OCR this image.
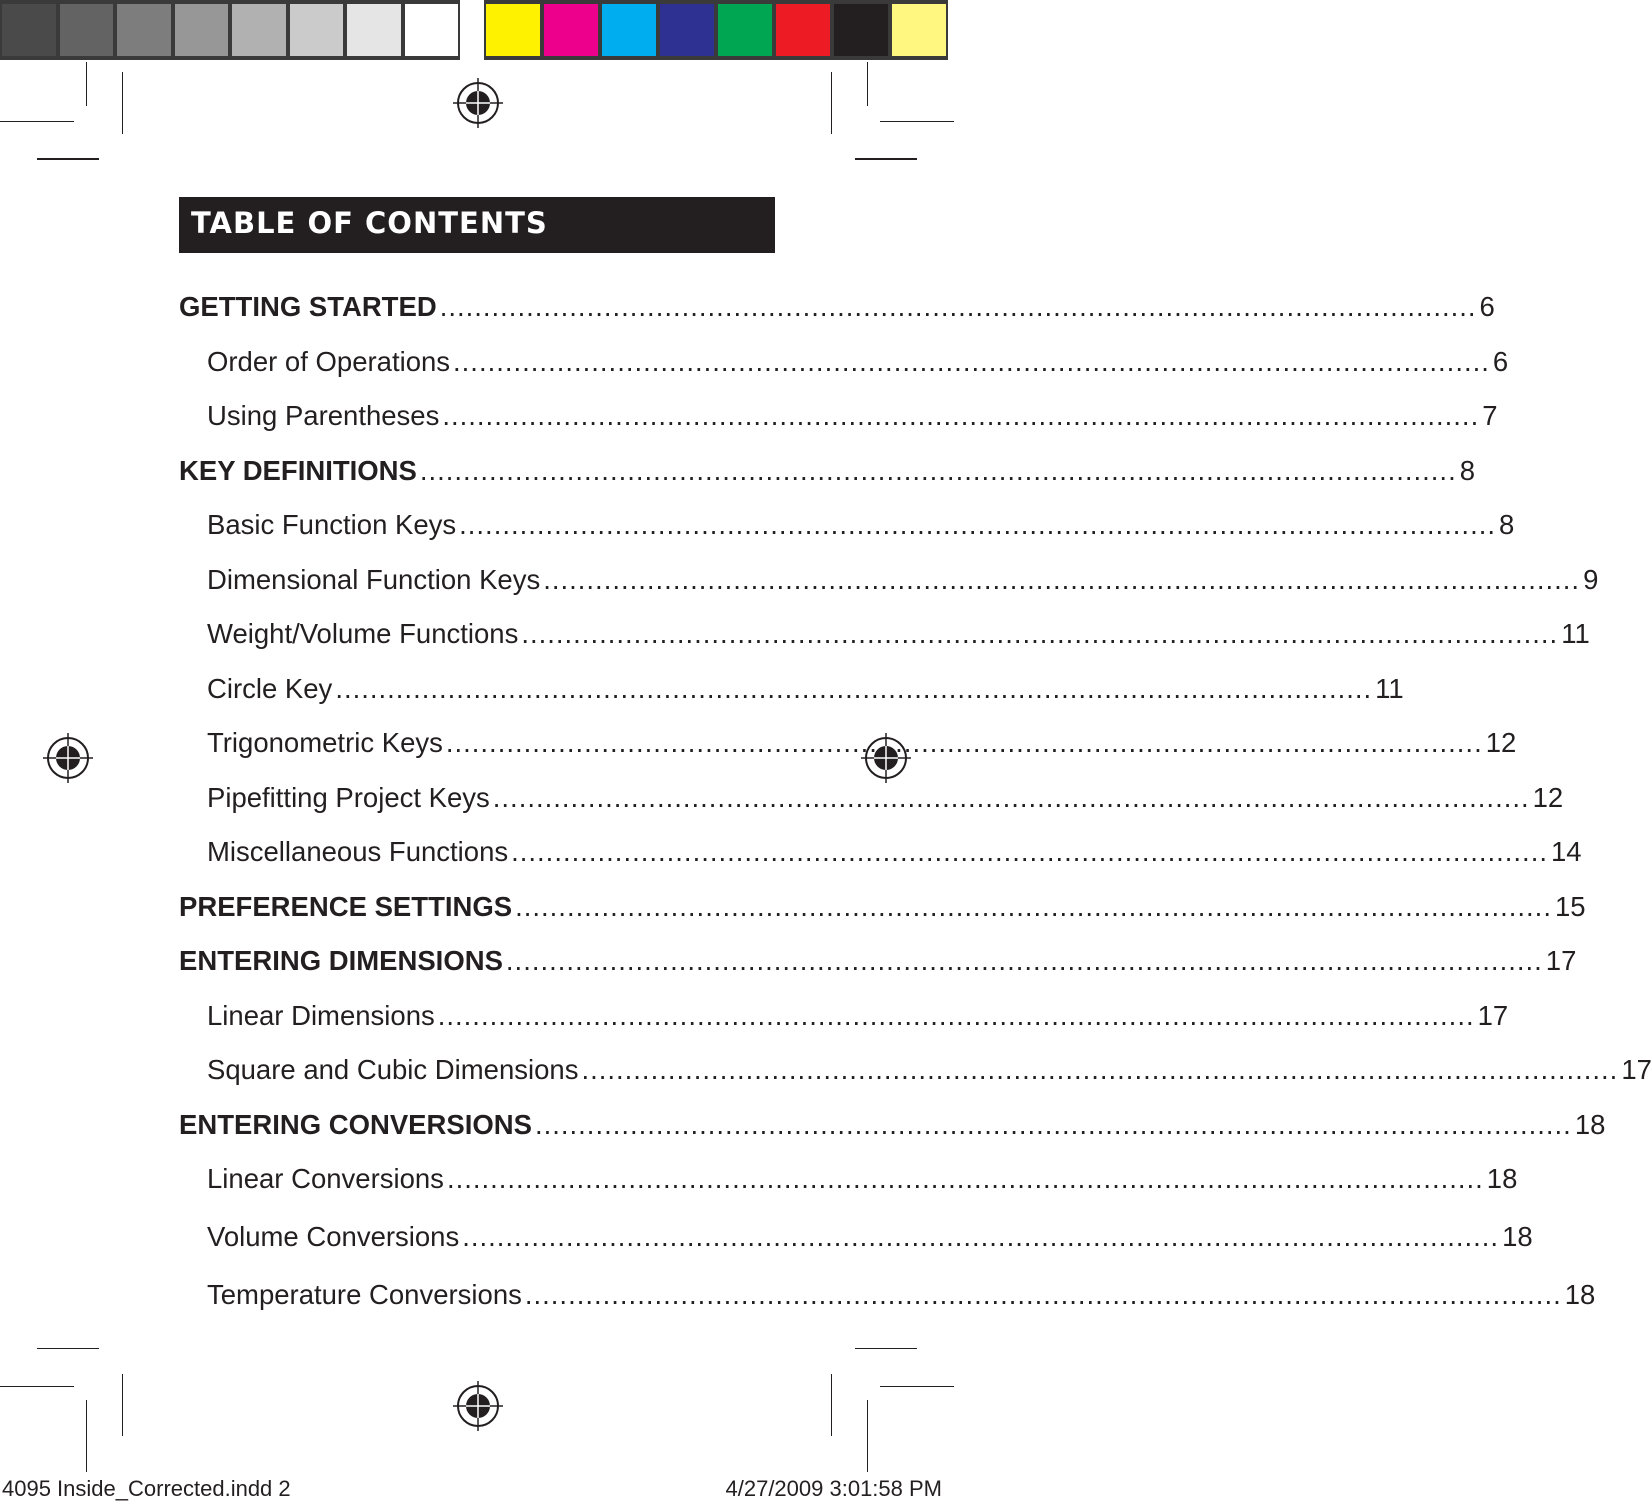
TABLE OF CONTENTS
GETTING STARTED ........................................................................................................................ 6
Order of Operations ........................................................................................................................ 6
Using Parentheses ........................................................................................................................ 7
KEY DEFINITIONS ........................................................................................................................ 8
Basic Function Keys ........................................................................................................................ 8
Dimensional Function Keys ........................................................................................................................ 9
Weight/Volume Functions ........................................................................................................................ 11
Circle Key ........................................................................................................................ 11
Trigonometric Keys ........................................................................................................................ 12
Pipefitting Project Keys ........................................................................................................................ 12
Miscellaneous Functions ........................................................................................................................ 14
PREFERENCE SETTINGS ........................................................................................................................ 15
ENTERING DIMENSIONS ........................................................................................................................ 17
Linear Dimensions ........................................................................................................................ 17
Square and Cubic Dimensions ........................................................................................................................ 17
ENTERING CONVERSIONS ........................................................................................................................ 18
Linear Conversions ........................................................................................................................ 18
Volume Conversions ........................................................................................................................ 18
Temperature Conversions ........................................................................................................................ 18
4095 Inside_Corrected.indd 2	4/27/2009 3:01:58 PM
